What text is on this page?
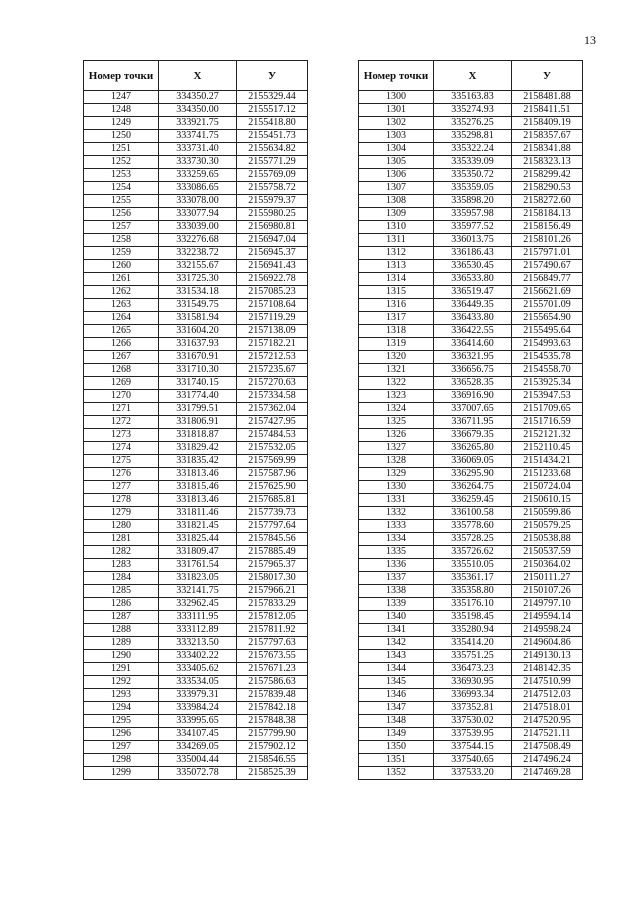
13
Номер точки	X	У
1247	334350.27	2155329.44
1248	334350.00	2155517.12
1249	333921.75	2155418.80
1250	333741.75	2155451.73
1251	333731.40	2155634.82
1252	333730.30	2155771.29
1253	333259.65	2155769.09
1254	333086.65	2155758.72
1255	333078.00	2155979.37
1256	333077.94	2155980.25
1257	333039.00	2156980.81
1258	332276.68	2156947.04
1259	332238.72	2156945.37
1260	332155.67	2156941.43
1261	331725.30	2156922.78
1262	331534.18	2157085.23
1263	331549.75	2157108.64
1264	331581.94	2157119.29
1265	331604.20	2157138.09
1266	331637.93	2157182.21
1267	331670.91	2157212.53
1268	331710.30	2157235.67
1269	331740.15	2157270.63
1270	331774.40	2157334.58
1271	331799.51	2157362.04
1272	331806.91	2157427.95
1273	331818.87	2157484.53
1274	331829.42	2157532.05
1275	331835.42	2157569.99
1276	331813.46	2157587.96
1277	331815.46	2157625.90
1278	331813.46	2157685.81
1279	331811.46	2157739.73
1280	331821.45	2157797.64
1281	331825.44	2157845.56
1282	331809.47	2157885.49
1283	331761.54	2157965.37
1284	331823.05	2158017.30
1285	332141.75	2157966.21
1286	332962.45	2157833.29
1287	333111.95	2157812.05
1288	333112.89	2157811.92
1289	333213.50	2157797.63
1290	333402.22	2157673.55
1291	333405.62	2157671.23
1292	333534.05	2157586.63
1293	333979.31	2157839.48
1294	333984.24	2157842.18
1295	333995.65	2157848.38
1296	334107.45	2157799.90
1297	334269.05	2157902.12
1298	335004.44	2158546.55
1299	335072.78	2158525.39
Номер точки	X	У
1300	335163.83	2158481.88
1301	335274.93	2158411.51
1302	335276.25	2158409.19
1303	335298.81	2158357.67
1304	335322.24	2158341.88
1305	335339.09	2158323.13
1306	335350.72	2158299.42
1307	335359.05	2158290.53
1308	335898.20	2158272.60
1309	335957.98	2158184.13
1310	335977.52	2158156.49
1311	336013.75	2158101.26
1312	336186.43	2157971.01
1313	336530.45	2157490.67
1314	336533.80	2156849.77
1315	336519.47	2156621.69
1316	336449.35	2155701.09
1317	336433.80	2155654.90
1318	336422.55	2155495.64
1319	336414.60	2154993.63
1320	336321.95	2154535.78
1321	336656.75	2154558.70
1322	336528.35	2153925.34
1323	336916.90	2153947.53
1324	337007.65	2151709.65
1325	336711.95	2151716.59
1326	336679.35	2152121.32
1327	336265.80	2152110.45
1328	336069.05	2151434.21
1329	336295.90	2151233.68
1330	336264.75	2150724.04
1331	336259.45	2150610.15
1332	336100.58	2150599.86
1333	335778.60	2150579.25
1334	335728.25	2150538.88
1335	335726.62	2150537.59
1336	335510.05	2150364.02
1337	335361.17	2150111.27
1338	335358.80	2150107.26
1339	335176.10	2149797.10
1340	335198.45	2149594.14
1341	335280.94	2149598.24
1342	335414.20	2149604.86
1343	335751.25	2149130.13
1344	336473.23	2148142.35
1345	336930.95	2147510.99
1346	336993.34	2147512.03
1347	337352.81	2147518.01
1348	337530.02	2147520.95
1349	337539.95	2147521.11
1350	337544.15	2147508.49
1351	337540.65	2147496.24
1352	337533.20	2147469.28
